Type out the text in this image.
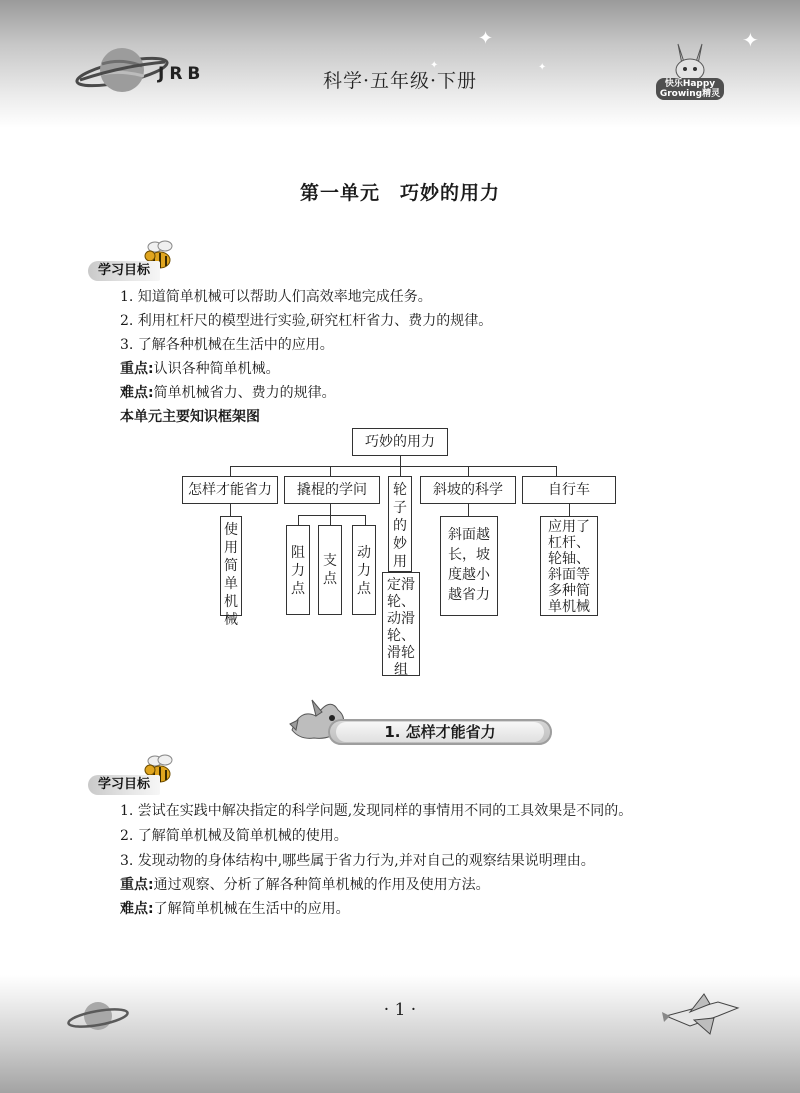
JRB	科学·五年级·下册
✦
✦	✦
✦
快乐Happy Growing精灵
第一单元　巧妙的用力
学习目标
1. 知道简单机械可以帮助人们高效率地完成任务。
2. 利用杠杆尺的模型进行实验,研究杠杆省力、费力的规律。
3. 了解各种机械在生活中的应用。
重点:认识各种简单机械。
难点:简单机械省力、费力的规律。
本单元主要知识框架图
巧妙的用力
怎样才能省力	撬棍的学问	轮子的妙用
斜坡的科学	自行车
使用简单机械
阻力点
支点
动力点 定滑轮、动滑轮、滑轮组
斜面越
长，坡
度越小
越省力
应用了
杠杆、
轮轴、
斜面等
多种简
单机械
1. 怎样才能省力
学习目标
1. 尝试在实践中解决指定的科学问题,发现同样的事情用不同的工具效果是不同的。
2. 了解简单机械及简单机械的使用。
3. 发现动物的身体结构中,哪些属于省力行为,并对自己的观察结果说明理由。
重点:通过观察、分析了解各种简单机械的作用及使用方法。
难点:了解简单机械在生活中的应用。
· 1 ·
